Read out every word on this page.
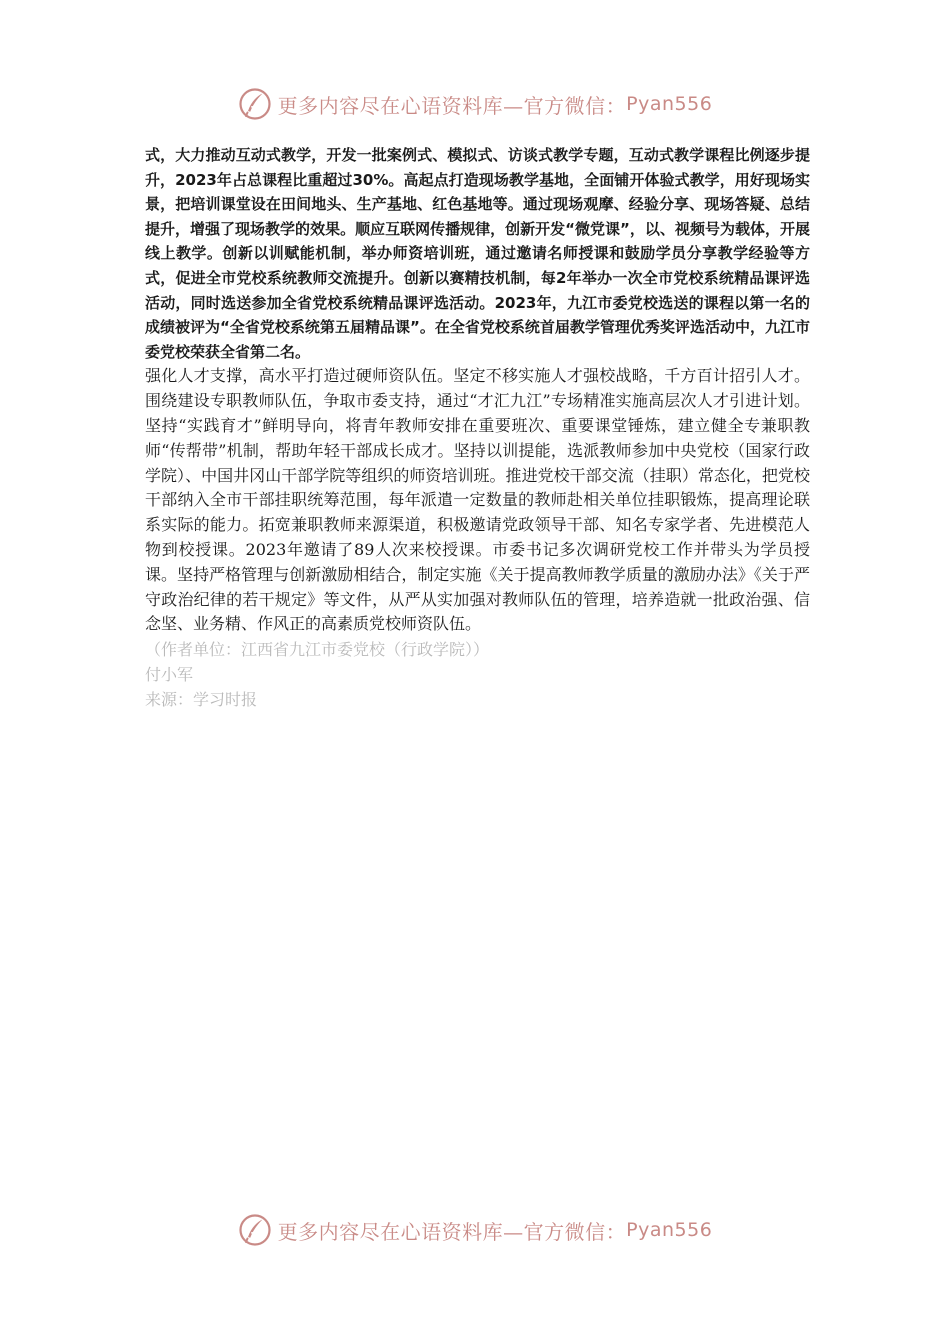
更多内容尽在心语资料库—官方微信： Pyan556

式，大力推动互动式教学，开发一批案例式、模拟式、访谈式教学专题，互动式教学课程比例逐步提升，2023年占总课程比重超过30%。高起点打造现场教学基地，全面铺开体验式教学，用好现场实景，把培训课堂设在田间地头、生产基地、红色基地等。通过现场观摩、经验分享、现场答疑、总结提升，增强了现场教学的效果。顺应互联网传播规律，创新开发“微党课”，以、视频号为载体，开展线上教学。创新以训赋能机制，举办师资培训班，通过邀请名师授课和鼓励学员分享教学经验等方式，促进全市党校系统教师交流提升。创新以赛精技机制，每2年举办一次全市党校系统精品课评选活动，同时选送参加全省党校系统精品课评选活动。2023年，九江市委党校选送的课程以第一名的成绩被评为“全省党校系统第五届精品课”。在全省党校系统首届教学管理优秀奖评选活动中，九江市委党校荣获全省第二名。

强化人才支撑，高水平打造过硬师资队伍。坚定不移实施人才强校战略，千方百计招引人才。围绕建设专职教师队伍，争取市委支持，通过“才汇九江”专场精准实施高层次人才引进计划。坚持“实践育才”鲜明导向，将青年教师安排在重要班次、重要课堂锤炼，建立健全专兼职教师“传帮带”机制，帮助年轻干部成长成才。坚持以训提能，选派教师参加中央党校（国家行政学院）、中国井冈山干部学院等组织的师资培训班。推进党校干部交流（挂职）常态化，把党校干部纳入全市干部挂职统筹范围，每年派遣一定数量的教师赴相关单位挂职锻炼，提高理论联系实际的能力。拓宽兼职教师来源渠道，积极邀请党政领导干部、知名专家学者、先进模范人物到校授课。2023年邀请了89人次来校授课。市委书记多次调研党校工作并带头为学员授课。坚持严格管理与创新激励相结合，制定实施《关于提高教师教学质量的激励办法》《关于严守政治纪律的若干规定》等文件，从严从实加强对教师队伍的管理，培养造就一批政治强、信念坚、业务精、作风正的高素质党校师资队伍。

（作者单位：江西省九江市委党校（行政学院））

付小军

来源：学习时报

更多内容尽在心语资料库—官方微信： Pyan556
